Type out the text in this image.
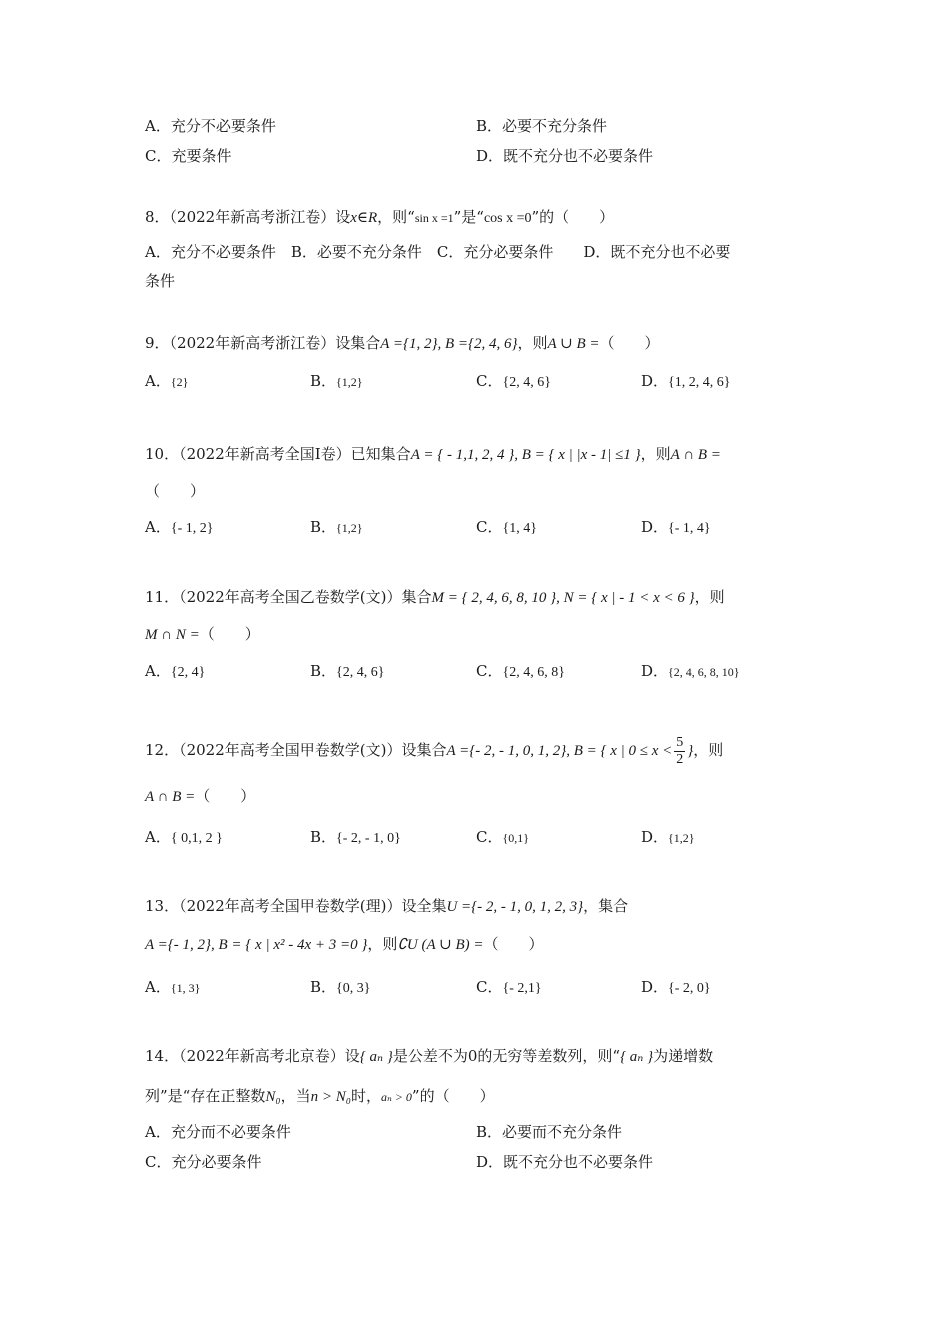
A．充分不必要条件	B．必要不充分条件
C．充要条件	D．既不充分也不必要条件
8．（2022年新高考浙江卷）设x∈R，则“sin x =1”是“cos x =0”的（　　）
A．充分不必要条件　B．必要不充分条件　C．充分必要条件　　D．既不充分也不必要
条件
9．（2022年新高考浙江卷）设集合A ={1, 2}, B ={2, 4, 6}，则A ∪ B =（　　）
A．{2}	B．{1,2}	C．{2, 4, 6}	D．{1, 2, 4, 6}
10．（2022年新高考全国I卷）已知集合A = { - 1,1, 2, 4 }, B = { x | |x - 1| ≤1 }，则A ∩ B =
（　　）
A．{- 1, 2}	B．{1,2}	C．{1, 4}	D．{- 1, 4}
11．（2022年高考全国乙卷数学(文)）集合M = { 2, 4, 6, 8, 10 }, N = { x | - 1 < x < 6 }，则
M ∩ N =（　　）
A．{2, 4}	B．{2, 4, 6}	C．{2, 4, 6, 8}	D．{2, 4, 6, 8, 10}
12．（2022年高考全国甲卷数学(文)）设集合A ={- 2, - 1, 0, 1, 2}, B = { x | $0 \le x < \frac{5}{2}$ }，则
A ∩ B =（　　）
A．{ 0,1, 2 }	B．{- 2, - 1, 0}	C．{0,1}	D．{1,2}
13．（2022年高考全国甲卷数学(理)）设全集U ={- 2, - 1, 0, 1, 2, 3}，集合
A ={- 1, 2}, B = { x | x² - 4x + 3 =0 }，则∁U (A ∪ B) =（　　）
A．{1, 3}	B．{0, 3}	C．{- 2,1}	D．{- 2, 0}
14．（2022年新高考北京卷）设{ aₙ }是公差不为0的无穷等差数列，则“{ aₙ }为递增数
列”是“存在正整数N₀，当n > N₀时，aₙ > 0”的（　　）
A．充分而不必要条件	B．必要而不充分条件
C．充分必要条件	D．既不充分也不必要条件
